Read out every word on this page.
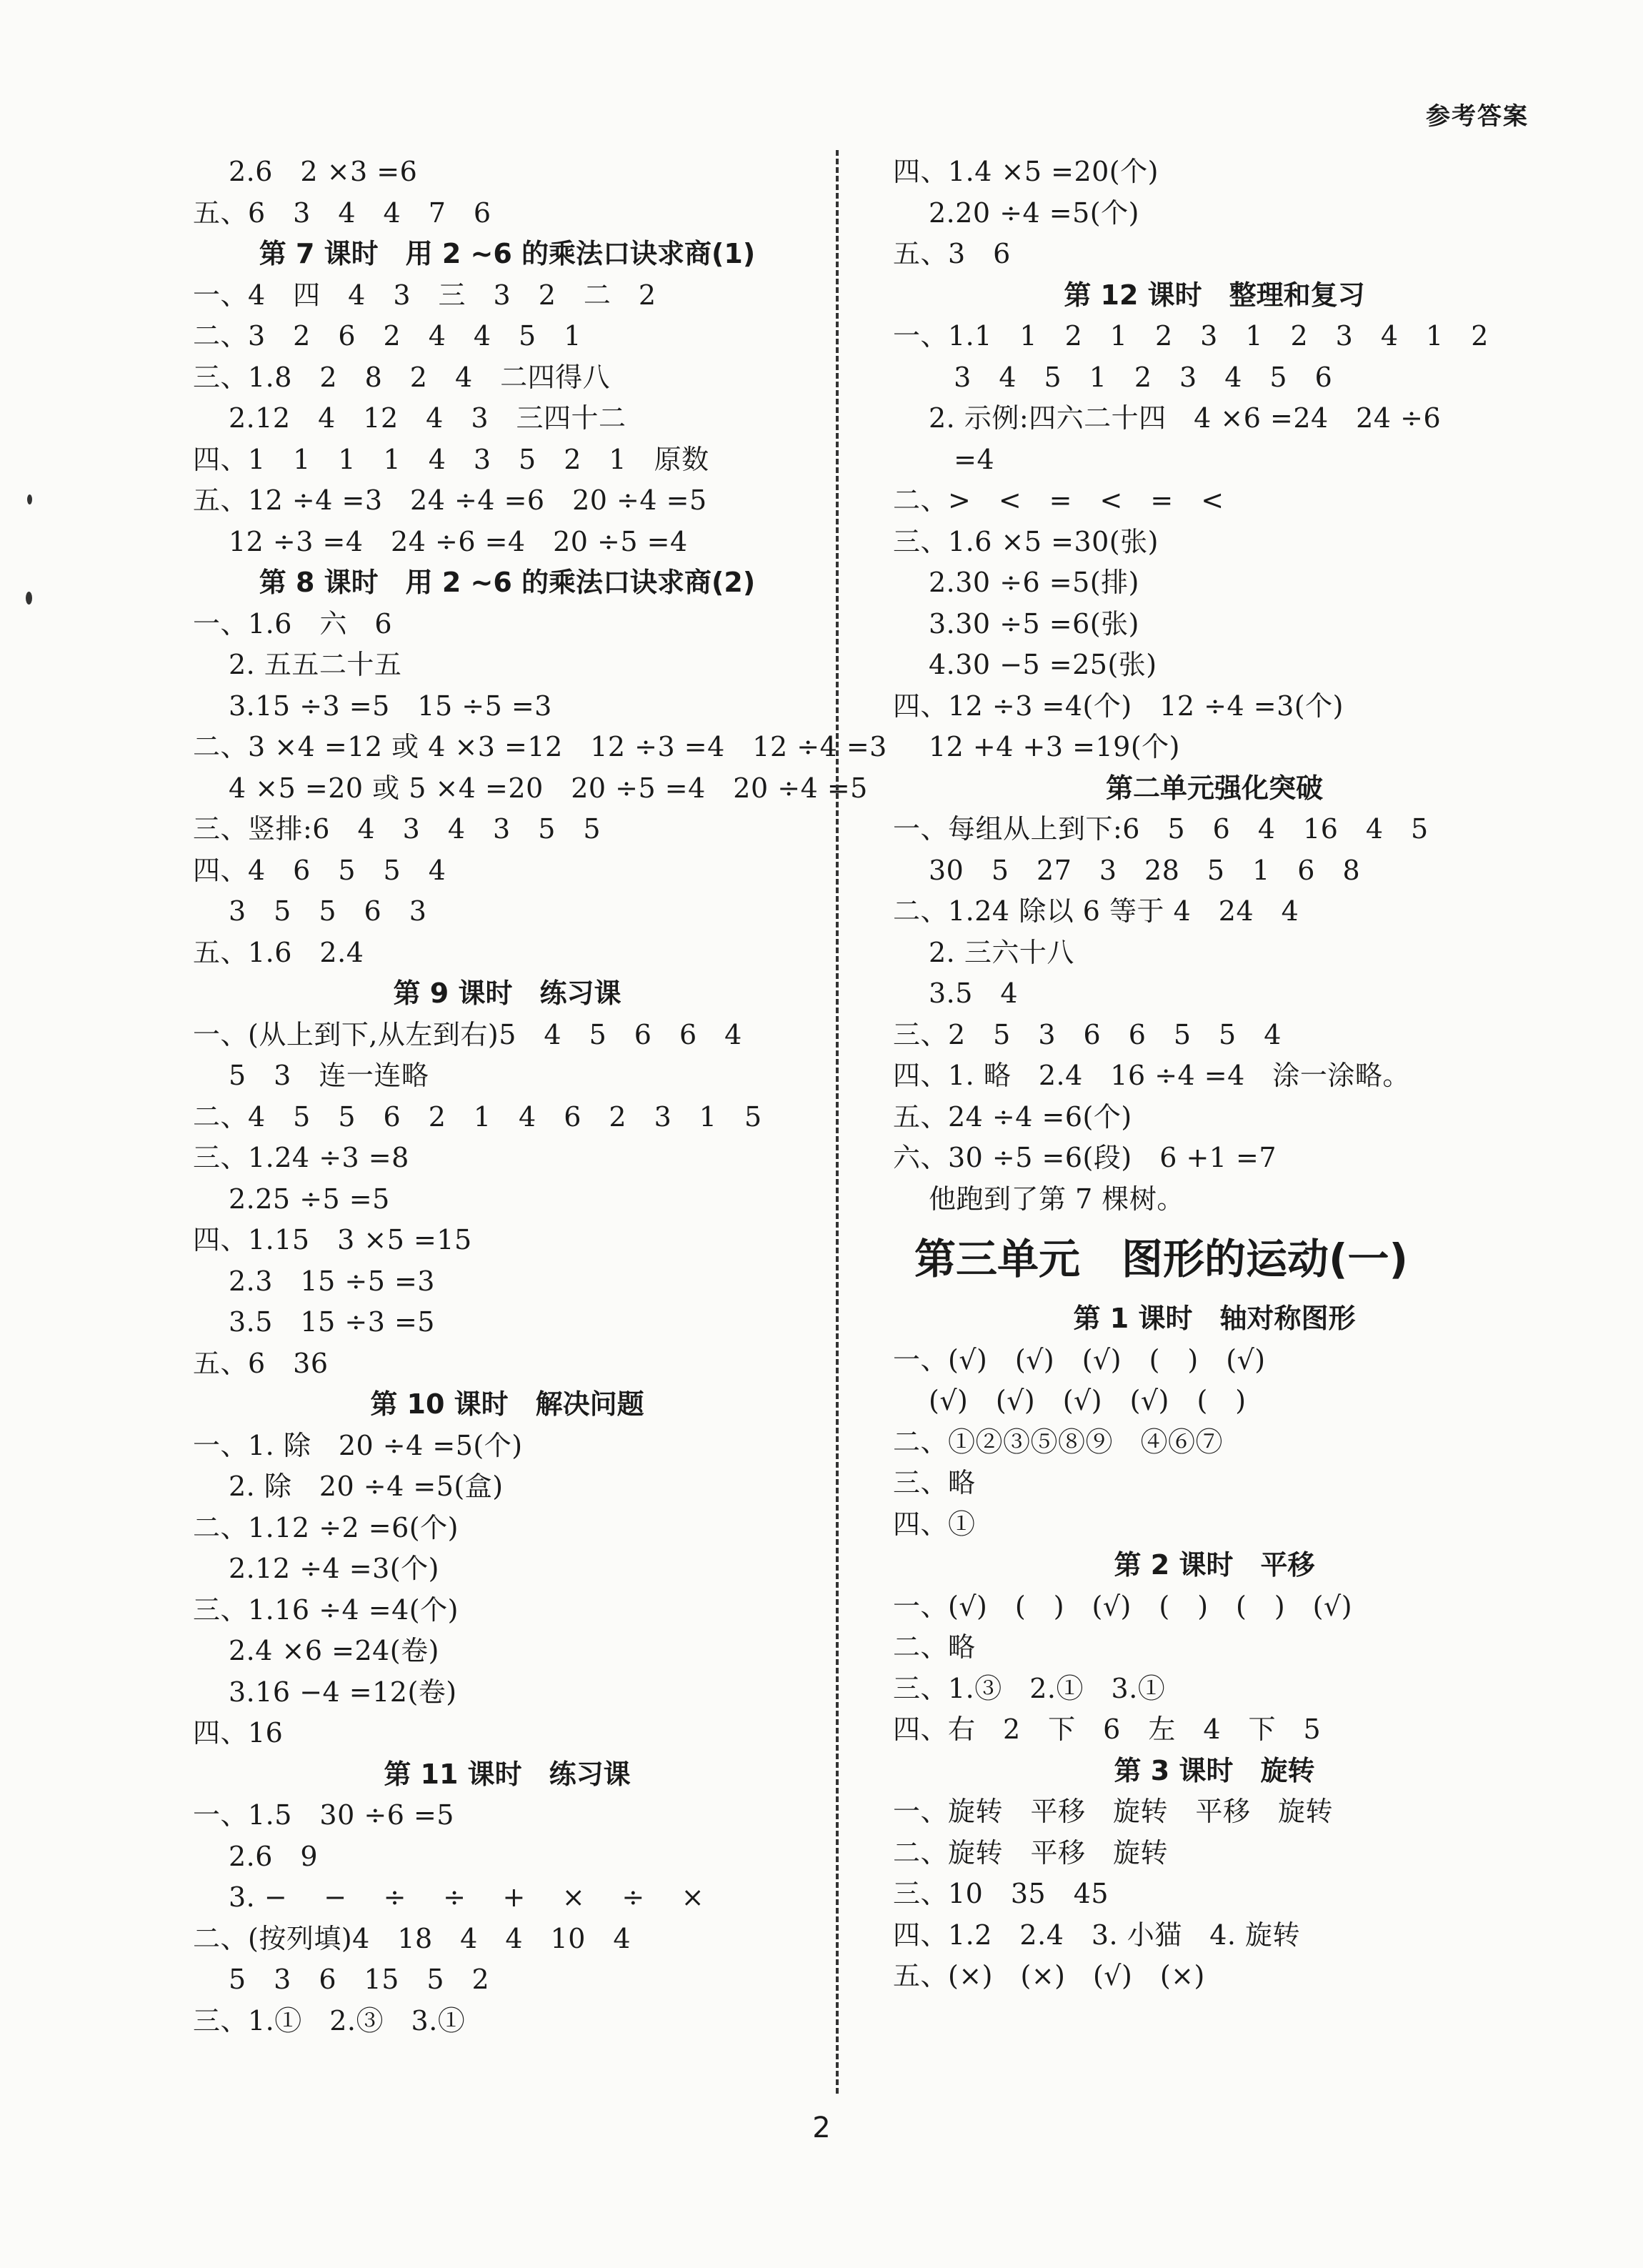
参考答案
2.6　2 ×3 =6
五、6　3　4　4　7　6
第 7 课时　用 2 ~6 的乘法口诀求商(1)
一、4　四　4　3　三　3　2　二　2
二、3　2　6　2　4　4　5　1
三、1.8　2　8　2　4　二四得八
2.12　4　12　4　3　三四十二
四、1　1　1　1　4　3　5　2　1　原数
五、12 ÷4 =3　24 ÷4 =6　20 ÷4 =5
12 ÷3 =4　24 ÷6 =4　20 ÷5 =4
第 8 课时　用 2 ~6 的乘法口诀求商(2)
一、1.6　六　6
2. 五五二十五
3.15 ÷3 =5　15 ÷5 =3
二、3 ×4 =12 或 4 ×3 =12　12 ÷3 =4　12 ÷4 =3
4 ×5 =20 或 5 ×4 =20　20 ÷5 =4　20 ÷4 =5
三、竖排:6　4　3　4　3　5　5
四、4　6　5　5　4
3　5　5　6　3
五、1.6　2.4
第 9 课时　练习课
一、(从上到下,从左到右)5　4　5　6　6　4
5　3　连一连略
二、4　5　5　6　2　1　4　6　2　3　1　5
三、1.24 ÷3 =8
2.25 ÷5 =5
四、1.15　3 ×5 =15
2.3　15 ÷5 =3
3.5　15 ÷3 =5
五、6　36
第 10 课时　解决问题
一、1. 除　20 ÷4 =5(个)
2. 除　20 ÷4 =5(盒)
二、1.12 ÷2 =6(个)
2.12 ÷4 =3(个)
三、1.16 ÷4 =4(个)
2.4 ×6 =24(卷)
3.16 −4 =12(卷)
四、16
第 11 课时　练习课
一、1.5　30 ÷6 =5
2.6　9
3. −　 −　 ÷　 ÷　 +　 ×　 ÷　 ×
二、(按列填)4　18　4　4　10　4
5　3　6　15　5　2
三、1.①　2.③　3.①
四、1.4 ×5 =20(个)
2.20 ÷4 =5(个)
五、3　6
第 12 课时　整理和复习
一、1.1　1　2　1　2　3　1　2　3　4　1　2
3　4　5　1　2　3　4　5　6
2. 示例:四六二十四　4 ×6 =24　24 ÷6
=4
二、>　<　=　<　=　<
三、1.6 ×5 =30(张)
2.30 ÷6 =5(排)
3.30 ÷5 =6(张)
4.30 −5 =25(张)
四、12 ÷3 =4(个)　12 ÷4 =3(个)
12 +4 +3 =19(个)
第二单元强化突破
一、每组从上到下:6　5　6　4　16　4　5
30　5　27　3　28　5　1　6　8
二、1.24 除以 6 等于 4　24　4
2. 三六十八
3.5　4
三、2　5　3　6　6　5　5　4
四、1. 略　2.4　16 ÷4 =4　涂一涂略。
五、24 ÷4 =6(个)
六、30 ÷5 =6(段)　6 +1 =7
他跑到了第 7 棵树。
第三单元　图形的运动(一)
第 1 课时　轴对称图形
一、(√)　(√)　(√)　(　)　(√)
(√)　(√)　(√)　(√)　(　)
二、①②③⑤⑧⑨　④⑥⑦
三、略
四、①
第 2 课时　平移
一、(√)　(　)　(√)　(　)　(　)　(√)
二、略
三、1.③　2.①　3.①
四、右　2　下　6　左　4　下　5
第 3 课时　旋转
一、旋转　平移　旋转　平移　旋转
二、旋转　平移　旋转
三、10　35　45
四、1.2　2.4　3. 小猫　4. 旋转
五、(×)　(×)　(√)　(×)
2
